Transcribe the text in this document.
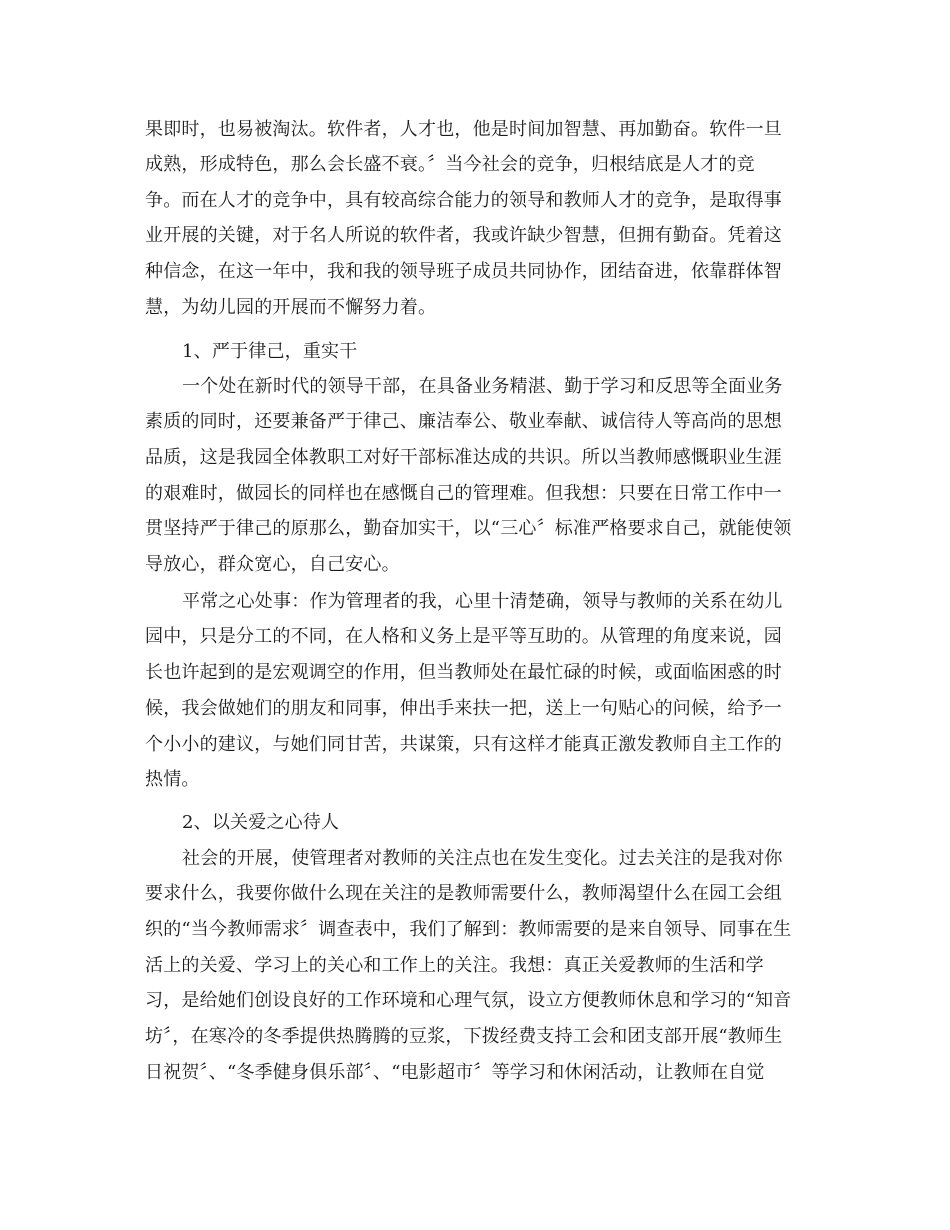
果即时，也易被淘汰。软件者，人才也，他是时间加智慧、再加勤奋。软件一旦
成熟，形成特色，那么会长盛不衰。〞当今社会的竞争，归根结底是人才的竞
争。而在人才的竞争中，具有较高综合能力的领导和教师人才的竞争，是取得事
业开展的关键，对于名人所说的软件者，我或许缺少智慧，但拥有勤奋。凭着这
种信念，在这一年中，我和我的领导班子成员共同协作，团结奋进，依靠群体智
慧，为幼儿园的开展而不懈努力着。
1、严于律己，重实干
一个处在新时代的领导干部，在具备业务精湛、勤于学习和反思等全面业务
素质的同时，还要兼备严于律己、廉洁奉公、敬业奉献、诚信待人等高尚的思想
品质，这是我园全体教职工对好干部标准达成的共识。所以当教师感慨职业生涯
的艰难时，做园长的同样也在感慨自己的管理难。但我想：只要在日常工作中一
贯坚持严于律己的原那么，勤奋加实干，以“三心〞标准严格要求自己，就能使领
导放心，群众宽心，自己安心。
平常之心处事：作为管理者的我，心里十清楚确，领导与教师的关系在幼儿
园中，只是分工的不同，在人格和义务上是平等互助的。从管理的角度来说，园
长也许起到的是宏观调空的作用，但当教师处在最忙碌的时候，或面临困惑的时
候，我会做她们的朋友和同事，伸出手来扶一把，送上一句贴心的问候，给予一
个小小的建议，与她们同甘苦，共谋策，只有这样才能真正激发教师自主工作的
热情。
2、以关爱之心待人
社会的开展，使管理者对教师的关注点也在发生变化。过去关注的是我对你
要求什么，我要你做什么现在关注的是教师需要什么，教师渴望什么在园工会组
织的“当今教师需求〞调查表中，我们了解到：教师需要的是来自领导、同事在生
活上的关爱、学习上的关心和工作上的关注。我想：真正关爱教师的生活和学
习，是给她们创设良好的工作环境和心理气氛，设立方便教师休息和学习的“知音
坊〞，在寒冷的冬季提供热腾腾的豆浆，下拨经费支持工会和团支部开展“教师生
日祝贺〞、“冬季健身俱乐部〞、“电影超市〞等学习和休闲活动，让教师在自觉
